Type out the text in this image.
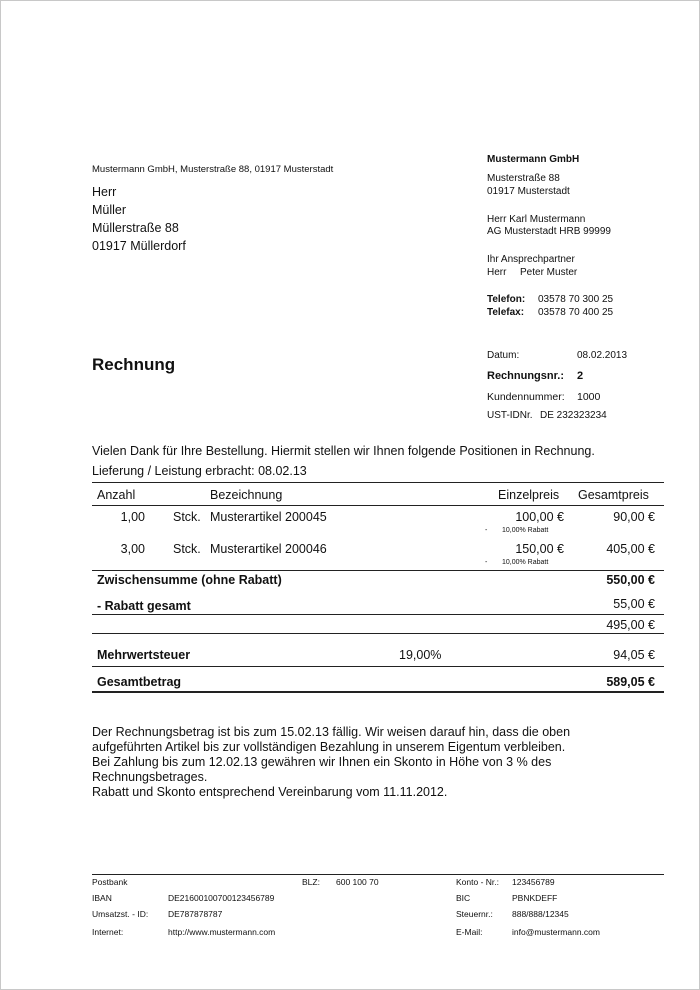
Mustermann GmbH, Musterstraße 88, 01917 Musterstadt
Herr
Müller
Müllerstraße 88
01917 Müllerdorf
Mustermann GmbH
Musterstraße 88
01917 Musterstadt
Herr Karl Mustermann
AG Musterstadt HRB 99999
Ihr Ansprechpartner
Herr Peter Muster
Telefon: 03578 70 300 25
Telefax: 03578 70 400 25
Rechnung	Datum:	08.02.2013
Rechnungsnr.: 2
Kundennummer: 1000
UST-IDNr. DE 232323234
Vielen Dank für Ihre Bestellung. Hiermit stellen wir Ihnen folgende Positionen in Rechnung.
Lieferung / Leistung erbracht: 08.02.13
Anzahl	Bezeichnung	Einzelpreis Gesamtpreis
1,00 Stck. Musterartikel 200045	100,00 €	90,00 €
- 10,00% Rabatt
3,00 Stck. Musterartikel 200046	150,00 €	405,00 €
- 10,00% Rabatt
Zwischensumme (ohne Rabatt)	550,00 €
- Rabatt gesamt	55,00 €
495,00 €
Mehrwertsteuer	19,00%	94,05 €
Gesamtbetrag	589,05 €
Der Rechnungsbetrag ist bis zum 15.02.13 fällig. Wir weisen darauf hin, dass die oben
aufgeführten Artikel bis zur vollständigen Bezahlung in unserem Eigentum verbleiben.
Bei Zahlung bis zum 12.02.13 gewähren wir Ihnen ein Skonto in Höhe von 3 % des
Rechnungsbetrages.
Rabatt und Skonto entsprechend Vereinbarung vom 11.11.2012.
Postbank	BLZ: 600 100 70	Konto - Nr.: 123456789
IBAN	DE21600100700123456789	BIC	PBNKDEFF
Umsatzst. - ID: DE787878787	Steuernr.: 888/888/12345
Internet:	http://www.mustermann.com	E-Mail:	info@mustermann.com
